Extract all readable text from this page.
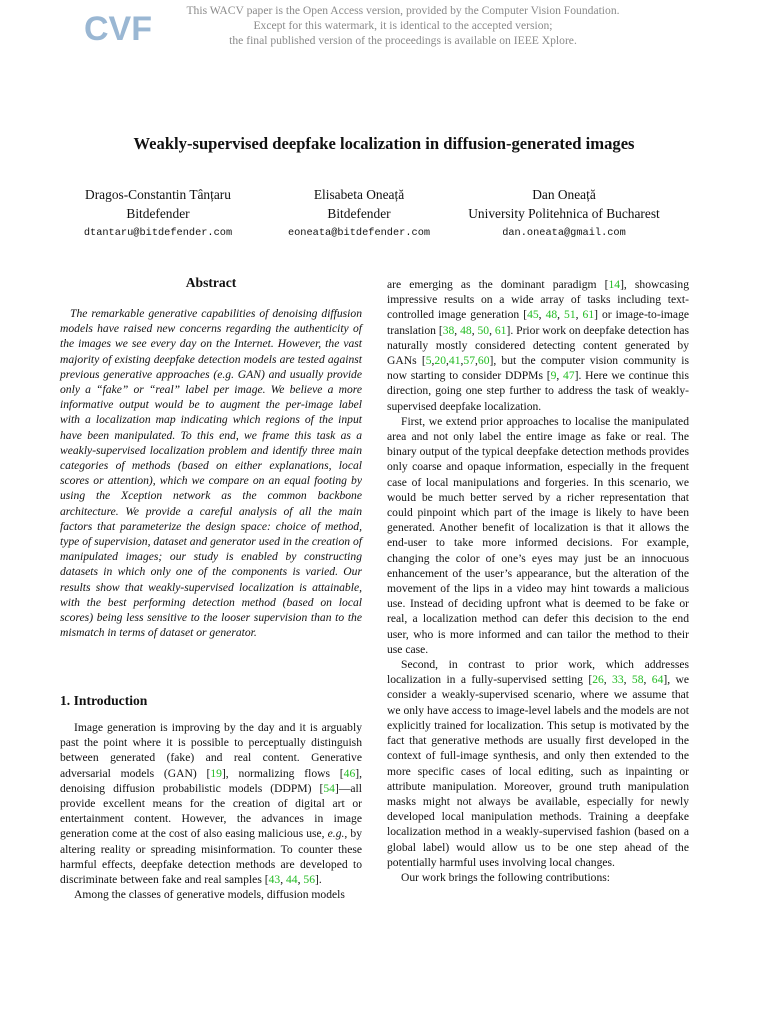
CVF	This WACV paper is the Open Access version, provided by the Computer Vision Foundation.
Except for this watermark, it is identical to the accepted version;
the final published version of the proceedings is available on IEEE Xplore.
Weakly-supervised deepfake localization in diffusion-generated images
Dragos-Constantin Tânțaru
Bitdefender
dtantaru@bitdefender.com
Elisabeta Oneață
Bitdefender
eoneata@bitdefender.com
Dan Oneață
University Politehnica of Bucharest
dan.oneata@gmail.com
Abstract
The remarkable generative capabilities of denoising diffusion models have raised new concerns regarding the authenticity of the images we see every day on the Internet. However, the vast majority of existing deepfake detection models are tested against previous generative approaches (e.g. GAN) and usually provide only a “fake” or “real” label per image. We believe a more informative output would be to augment the per-image label with a localization map indicating which regions of the input have been manipulated. To this end, we frame this task as a weakly-supervised localization problem and identify three main categories of methods (based on either explanations, local scores or attention), which we compare on an equal footing by using the Xception network as the common backbone architecture. We provide a careful analysis of all the main factors that parameterize the design space: choice of method, type of supervision, dataset and generator used in the creation of manipulated images; our study is enabled by constructing datasets in which only one of the components is varied. Our results show that weakly-supervised localization is attainable, with the best performing detection method (based on local scores) being less sensitive to the looser supervision than to the mismatch in terms of dataset or generator.
1. Introduction

Image generation is improving by the day and it is arguably past the point where it is possible to perceptually distinguish between generated (fake) and real content. Generative adversarial models (GAN) [19], normalizing flows [46], denoising diffusion probabilistic models (DDPM) [54]—all provide excellent means for the creation of digital art or entertainment content. However, the advances in image generation come at the cost of also easing malicious use, e.g., by altering reality or spreading misinformation. To counter these harmful effects, deepfake detection methods are developed to discriminate between fake and real samples [43, 44, 56].

Among the classes of generative models, diffusion models

are emerging as the dominant paradigm [14], showcasing impressive results on a wide array of tasks including text-controlled image generation [45, 48, 51, 61] or image-to-image translation [38, 48, 50, 61]. Prior work on deepfake detection has naturally mostly considered detecting content generated by GANs [5,20,41,57,60], but the computer vision community is now starting to consider DDPMs [9, 47]. Here we continue this direction, going one step further to address the task of weakly-supervised deepfake localization.

First, we extend prior approaches to localise the manipulated area and not only label the entire image as fake or real. The binary output of the typical deepfake detection methods provides only coarse and opaque information, especially in the frequent case of local manipulations and forgeries. In this scenario, we would be much better served by a richer representation that could pinpoint which part of the image is likely to have been generated. Another benefit of localization is that it allows the end-user to take more informed decisions. For example, changing the color of one’s eyes may just be an innocuous enhancement of the user’s appearance, but the alteration of the movement of the lips in a video may hint towards a malicious use. Instead of deciding upfront what is deemed to be fake or real, a localization method can defer this decision to the end user, who is more informed and can tailor the method to their use case.

Second, in contrast to prior work, which addresses localization in a fully-supervised setting [26, 33, 58, 64], we consider a weakly-supervised scenario, where we assume that we only have access to image-level labels and the models are not explicitly trained for localization. This setup is motivated by the fact that generative methods are usually first developed in the context of full-image synthesis, and only then extended to the more specific cases of local editing, such as inpainting or attribute manipulation. Moreover, ground truth manipulation masks might not always be available, especially for newly developed local manipulation methods. Training a deepfake localization method in a weakly-supervised fashion (based on a global label) would allow us to be one step ahead of the potentially harmful uses involving local changes.

Our work brings the following contributions:
